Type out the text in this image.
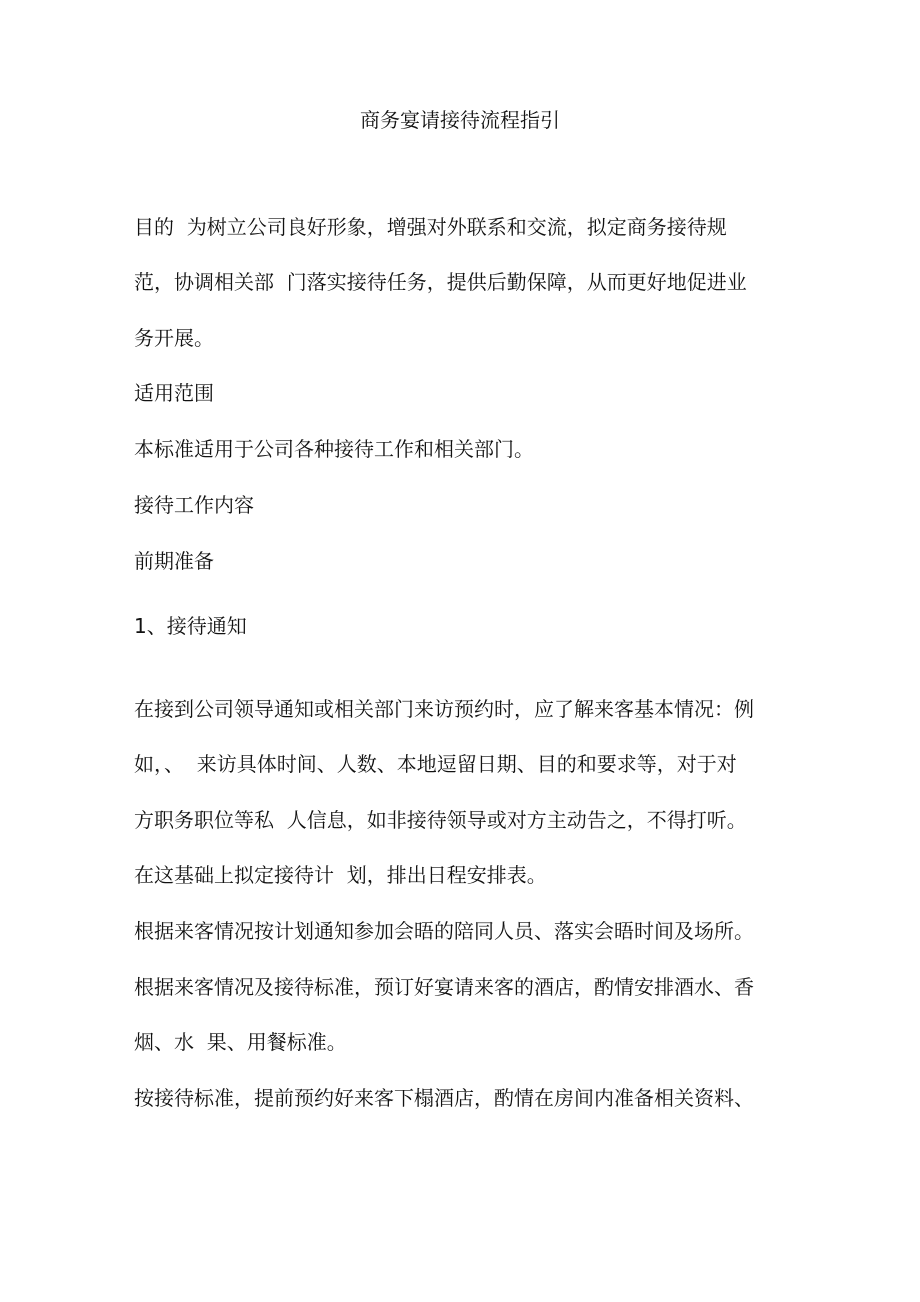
商务宴请接待流程指引
目的  为树立公司良好形象，增强对外联系和交流，拟定商务接待规
范，协调相关部  门落实接待任务，提供后勤保障，从而更好地促进业
务开展。
适用范围
本标准适用于公司各种接待工作和相关部门。
接待工作内容
前期准备
1、接待通知
在接到公司领导通知或相关部门来访预约时，应了解来客基本情况：例
如，、  来访具体时间、人数、本地逗留日期、目的和要求等，对于对
方职务职位等私  人信息，如非接待领导或对方主动告之，不得打听。
在这基础上拟定接待计  划，排出日程安排表。
根据来客情况按计划通知参加会晤的陪同人员、落实会晤时间及场所。
根据来客情况及接待标准，预订好宴请来客的酒店，酌情安排酒水、香
烟、水  果、用餐标准。
按接待标准，提前预约好来客下榻酒店，酌情在房间内准备相关资料、
